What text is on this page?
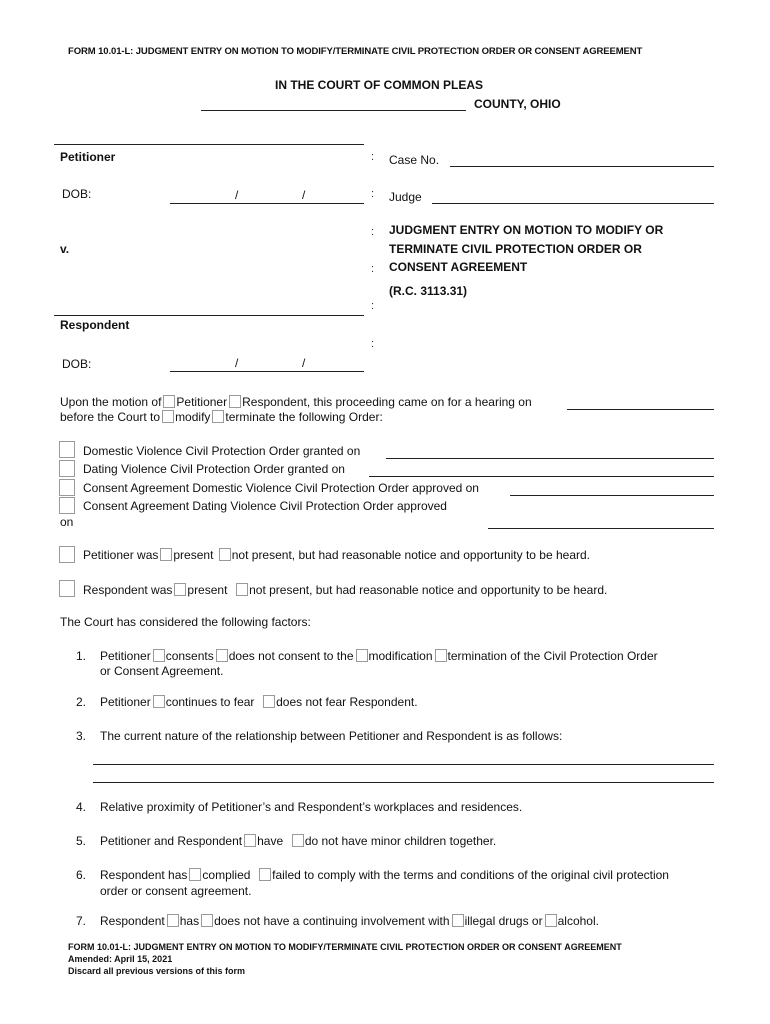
FORM 10.01-L: JUDGMENT ENTRY ON MOTION TO MODIFY/TERMINATE CIVIL PROTECTION ORDER OR CONSENT AGREEMENT
IN THE COURT OF COMMON PLEAS
COUNTY, OHIO
Petitioner
DOB:	/	/
v.
Respondent
DOB:	/	/
:
:
:
:
:
:
Case No.
Judge
JUDGMENT ENTRY ON MOTION TO MODIFY OR
TERMINATE CIVIL PROTECTION ORDER OR
CONSENT AGREEMENT
(R.C. 3113.31)
Upon the motion of Petitioner Respondent, this proceeding came on for a hearing on
before the Court to modify terminate the following Order:
Domestic Violence Civil Protection Order granted on
Dating Violence Civil Protection Order granted on
Consent Agreement Domestic Violence Civil Protection Order approved on
Consent Agreement Dating Violence Civil Protection Order approved
on
Petitioner was present not present, but had reasonable notice and opportunity to be heard.
Respondent was present not present, but had reasonable notice and opportunity to be heard.
The Court has considered the following factors:
1. Petitioner consents does not consent to the modification termination of the Civil Protection Order
or Consent Agreement.
2. Petitioner continues to fear does not fear Respondent.
3. The current nature of the relationship between Petitioner and Respondent is as follows:
4. Relative proximity of Petitioner’s and Respondent’s workplaces and residences.
5. Petitioner and Respondent have do not have minor children together.
6. Respondent has complied failed to comply with the terms and conditions of the original civil protection
order or consent agreement.
7. Respondent has does not have a continuing involvement with illegal drugs or alcohol.
FORM 10.01-L: JUDGMENT ENTRY ON MOTION TO MODIFY/TERMINATE CIVIL PROTECTION ORDER OR CONSENT AGREEMENT
Amended: April 15, 2021
Discard all previous versions of this form
